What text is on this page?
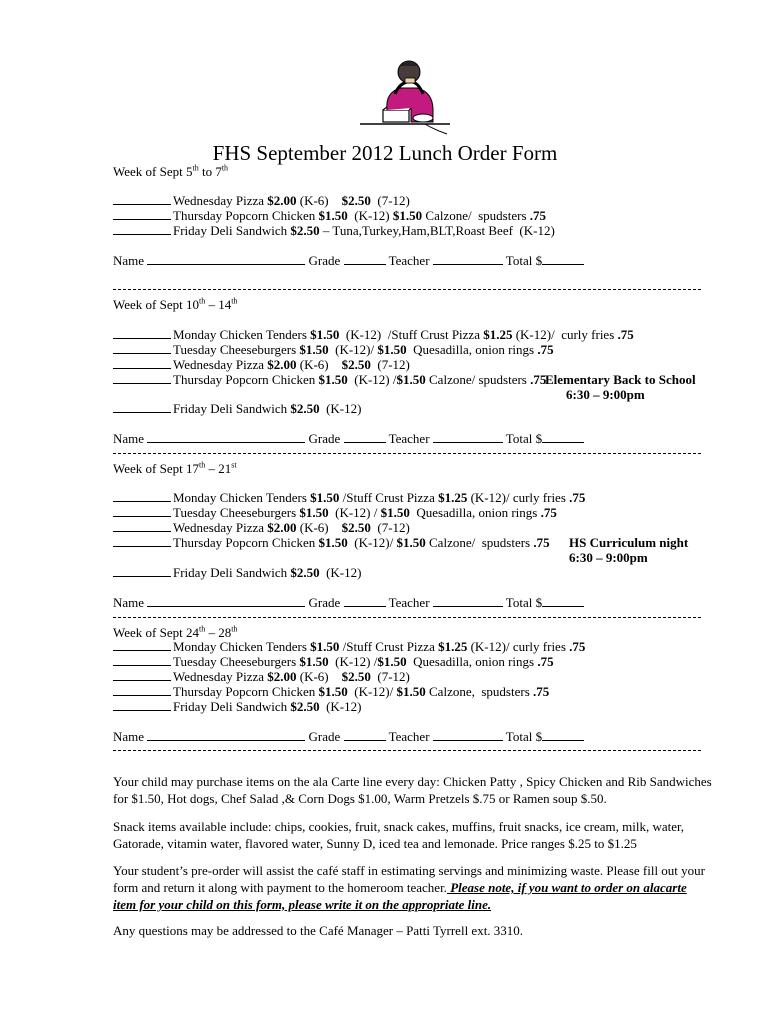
FHS September 2012 Lunch Order Form
Week of Sept 5th to 7th
Wednesday Pizza $2.00 (K-6)    $2.50  (7-12)
Thursday Popcorn Chicken $1.50  (K-12) $1.50 Calzone/  spudsters .75
Friday Deli Sandwich $2.50 – Tuna,Turkey,Ham,BLT,Roast Beef  (K-12)
Name	Grade	Teacher	Total $
Week of Sept 10th – 14th
Monday Chicken Tenders $1.50  (K-12)  /Stuff Crust Pizza $1.25 (K-12)/  curly fries .75
Tuesday Cheeseburgers $1.50  (K-12)/ $1.50  Quesadilla, onion rings .75
Wednesday Pizza $2.00 (K-6)    $2.50  (7-12)
Thursday Popcorn Chicken $1.50  (K-12) /$1.50 Calzone/ spudsters .75
Elementary Back to School
6:30 – 9:00pm
Friday Deli Sandwich $2.50  (K-12)
Name	Grade	Teacher	Total $
Week of Sept 17th – 21st
Monday Chicken Tenders $1.50 /Stuff Crust Pizza $1.25 (K-12)/ curly fries .75
Tuesday Cheeseburgers $1.50  (K-12) / $1.50  Quesadilla, onion rings .75
Wednesday Pizza $2.00 (K-6)    $2.50  (7-12)
Thursday Popcorn Chicken $1.50  (K-12)/ $1.50 Calzone/  spudsters .75 HS Curriculum night
6:30 – 9:00pm
Friday Deli Sandwich $2.50  (K-12)
Name	Grade	Teacher	Total $
Week of Sept 24th – 28th
Monday Chicken Tenders $1.50 /Stuff Crust Pizza $1.25 (K-12)/ curly fries .75
Tuesday Cheeseburgers $1.50  (K-12) /$1.50  Quesadilla, onion rings .75
Wednesday Pizza $2.00 (K-6)    $2.50  (7-12)
Thursday Popcorn Chicken $1.50  (K-12)/ $1.50 Calzone,  spudsters .75
Friday Deli Sandwich $2.50  (K-12)
Name	Grade	Teacher	Total $
Your child may purchase items on the ala Carte line every day: Chicken Patty , Spicy Chicken and Rib Sandwiches for $1.50, Hot dogs, Chef Salad ,& Corn Dogs $1.00, Warm Pretzels $.75 or Ramen soup $.50.
Snack items available include: chips, cookies, fruit, snack cakes, muffins, fruit snacks, ice cream, milk, water, Gatorade, vitamin water, flavored water, Sunny D, iced tea and lemonade. Price ranges $.25 to $1.25
Your student’s pre-order will assist the café staff in estimating servings and minimizing waste. Please fill out your form and return it along with payment to the homeroom teacher. Please note, if you want to order on alacarte item for your child on this form, please write it on the appropriate line.
Any questions may be addressed to the Café Manager – Patti Tyrrell ext. 3310.
